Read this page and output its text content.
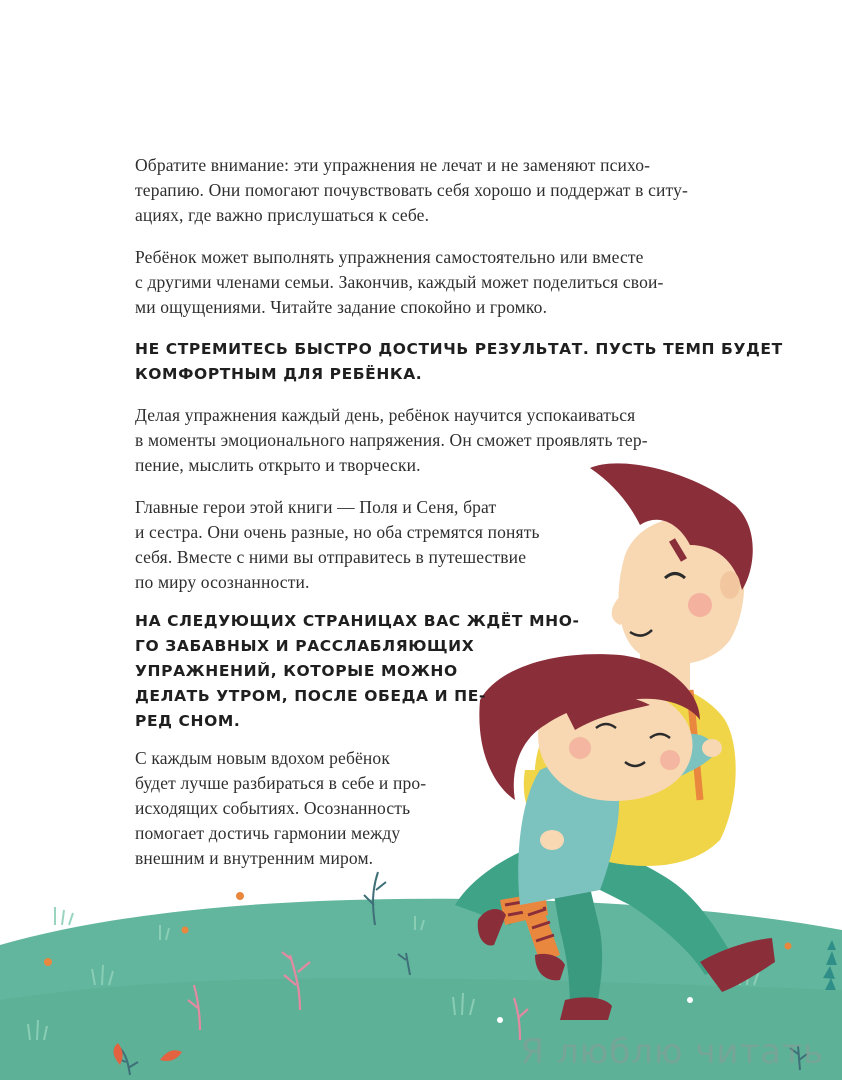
Обратите внимание: эти упражнения не лечат и не заменяют психо-
терапию. Они помогают почувствовать себя хорошо и поддержат в ситу-
ациях, где важно прислушаться к себе.

Ребёнок может выполнять упражнения самостоятельно или вместе
с другими членами семьи. Закончив, каждый может поделиться свои-
ми ощущениями. Читайте задание спокойно и громко.

НЕ СТРЕМИТЕСЬ БЫСТРО ДОСТИЧЬ РЕЗУЛЬТАТ. ПУСТЬ ТЕМП БУДЕТ
КОМФОРТНЫМ ДЛЯ РЕБЁНКА.

Делая упражнения каждый день, ребёнок научится успокаиваться
в моменты эмоционального напряжения. Он сможет проявлять тер-
пение, мыслить открыто и творчески.

Главные герои этой книги — Поля и Сеня, брат
и сестра. Они очень разные, но оба стремятся понять
себя. Вместе с ними вы отправитесь в путешествие
по миру осознанности.

НА СЛЕДУЮЩИХ СТРАНИЦАХ ВАС ЖДЁТ МНО-
ГО ЗАБАВНЫХ И РАССЛАБЛЯЮЩИХ
УПРАЖНЕНИЙ, КОТОРЫЕ МОЖНО
ДЕЛАТЬ УТРОМ, ПОСЛЕ ОБЕДА И ПЕ-
РЕД СНОМ.

С каждым новым вдохом ребёнок
будет лучше разбираться в себе и про-
исходящих событиях. Осознанность
помогает достичь гармонии между
внешним и внутренним миром.

Я люблю читать
